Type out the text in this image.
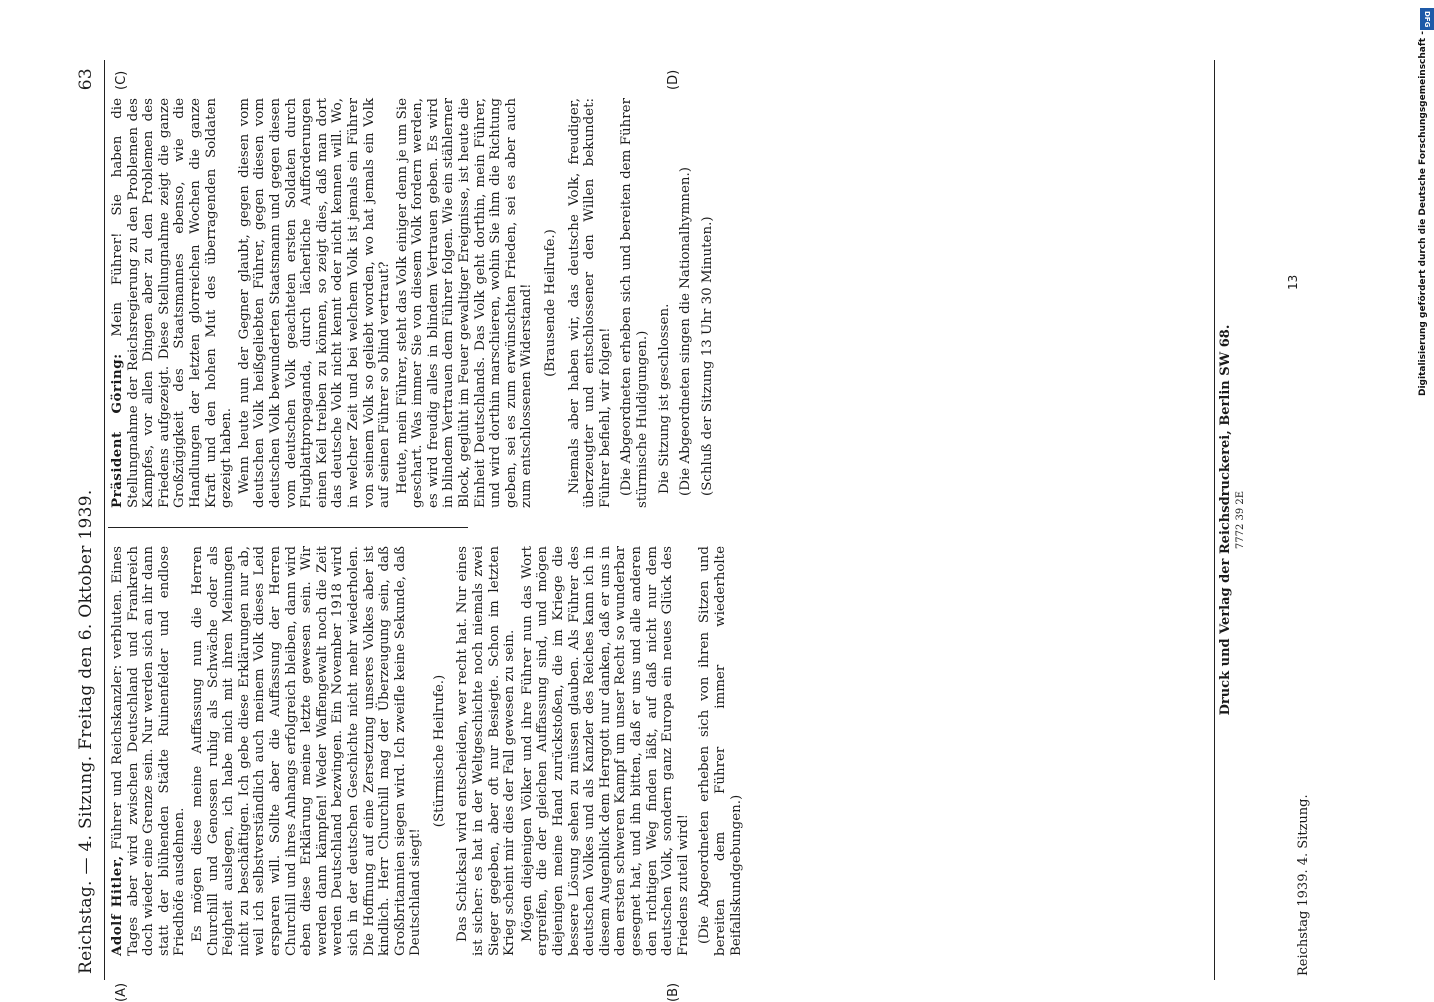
Reichstag. — 4. Sitzung. Freitag den 6. Oktober 1939.
63
(A)	(B)
(C)	(D)

Adolf Hitler, Führer und Reichskanzler: verbluten. Eines Tages aber wird zwischen Deutschland und Frankreich doch wieder eine Grenze sein. Nur werden sich an ihr dann statt der blühenden Städte Ruinenfelder und endlose Friedhöfe ausdehnen. Es mögen diese meine Auffassung nun die Herren Churchill und Genossen ruhig als Schwäche oder als Feigheit auslegen, ich habe mich mit ihren Meinungen nicht zu beschäftigen. Ich gebe diese Erklärungen nur ab, weil ich selbstverständlich auch meinem Volk dieses Leid ersparen will. Sollte aber die Auffassung der Herren Churchill und ihres Anhangs erfolgreich bleiben, dann wird eben diese Erklärung meine letzte gewesen sein. Wir werden dann kämpfen! Weder Waffengewalt noch die Zeit werden Deutschland bezwingen. Ein November 1918 wird sich in der deutschen Geschichte nicht mehr wiederholen. Die Hoffnung auf eine Zersetzung unseres Volkes aber ist kindlich. Herr Churchill mag der Überzeugung sein, daß Großbritannien siegen wird. Ich zweifle keine Sekunde, daß Deutschland siegt!

(Stürmische Heilrufe.) Das Schicksal wird entscheiden, wer recht hat. Nur eines ist sicher: es hat in der Weltgeschichte noch niemals zwei Sieger gegeben, aber oft nur Besiegte. Schon im letzten Krieg scheint mir dies der Fall gewesen zu sein. Mögen diejenigen Völker und ihre Führer nun das Wort ergreifen, die der gleichen Auffassung sind, und mögen diejenigen meine Hand zurückstoßen, die im Kriege die bessere Lösung sehen zu müssen glauben. Als Führer des deutschen Volkes und als Kanzler des Reiches kann ich in diesem Augenblick dem Herrgott nur danken, daß er uns in dem ersten schweren Kampf um unser Recht so wunderbar gesegnet hat, und ihn bitten, daß er uns und alle anderen den richtigen Weg finden läßt, auf daß nicht nur dem deutschen Volk, sondern ganz Europa ein neues Glück des Friedens zuteil wird! (Die Abgeordneten erheben sich von ihren Sitzen und bereiten dem Führer immer wiederholte Beifallskundgebungen.)

Präsident Göring: Mein Führer! Sie haben die Stellungnahme der Reichsregierung zu den Problemen des Kampfes, vor allen Dingen aber zu den Problemen des Friedens aufgezeigt. Diese Stellungnahme zeigt die ganze Großzügigkeit des Staatsmannes ebenso, wie die Handlungen der letzten glorreichen Wochen die ganze Kraft und den hohen Mut des überragenden Soldaten gezeigt haben. Wenn heute nun der Gegner glaubt, gegen diesen vom deutschen Volk heißgeliebten Führer, gegen diesen vom deutschen Volk bewunderten Staatsmann und gegen diesen vom deutschen Volk geachteten ersten Soldaten durch Flugblattpropaganda, durch lächerliche Aufforderungen einen Keil treiben zu können, so zeigt dies, daß man dort das deutsche Volk nicht kennt oder nicht kennen will. Wo, in welcher Zeit und bei welchem Volk ist jemals ein Führer von seinem Volk so geliebt worden, wo hat jemals ein Volk auf seinen Führer so blind vertraut? Heute, mein Führer, steht das Volk einiger denn je um Sie geschart. Was immer Sie von diesem Volk fordern werden, es wird freudig alles in blindem Vertrauen geben. Es wird in blindem Vertrauen dem Führer folgen. Wie ein stählerner Block, geglüht im Feuer gewaltiger Ereignisse, ist heute die Einheit Deutschlands. Das Volk geht dorthin, mein Führer, und wird dorthin marschieren, wohin Sie ihm die Richtung geben, sei es zum erwünschten Frieden, sei es aber auch zum entschlossenen Widerstand! (Brausende Heilrufe.) Niemals aber haben wir, das deutsche Volk, freudiger, überzeugter und entschlossener den Willen bekundet: Führer befiehl, wir folgen! (Die Abgeordneten erheben sich und bereiten dem Führer stürmische Huldigungen.) Die Sitzung ist geschlossen. (Die Abgeordneten singen die Nationalhymnen.) (Schluß der Sitzung 13 Uhr 30 Minuten.)	Druck und Verlag der Reichsdruckerei, Berlin SW 68. 7772 39 2E
Reichstag 1939. 4. Sitzung.
13
DFG
Digitalisierung gefördert durch die Deutsche Forschungsgemeinschaft -
